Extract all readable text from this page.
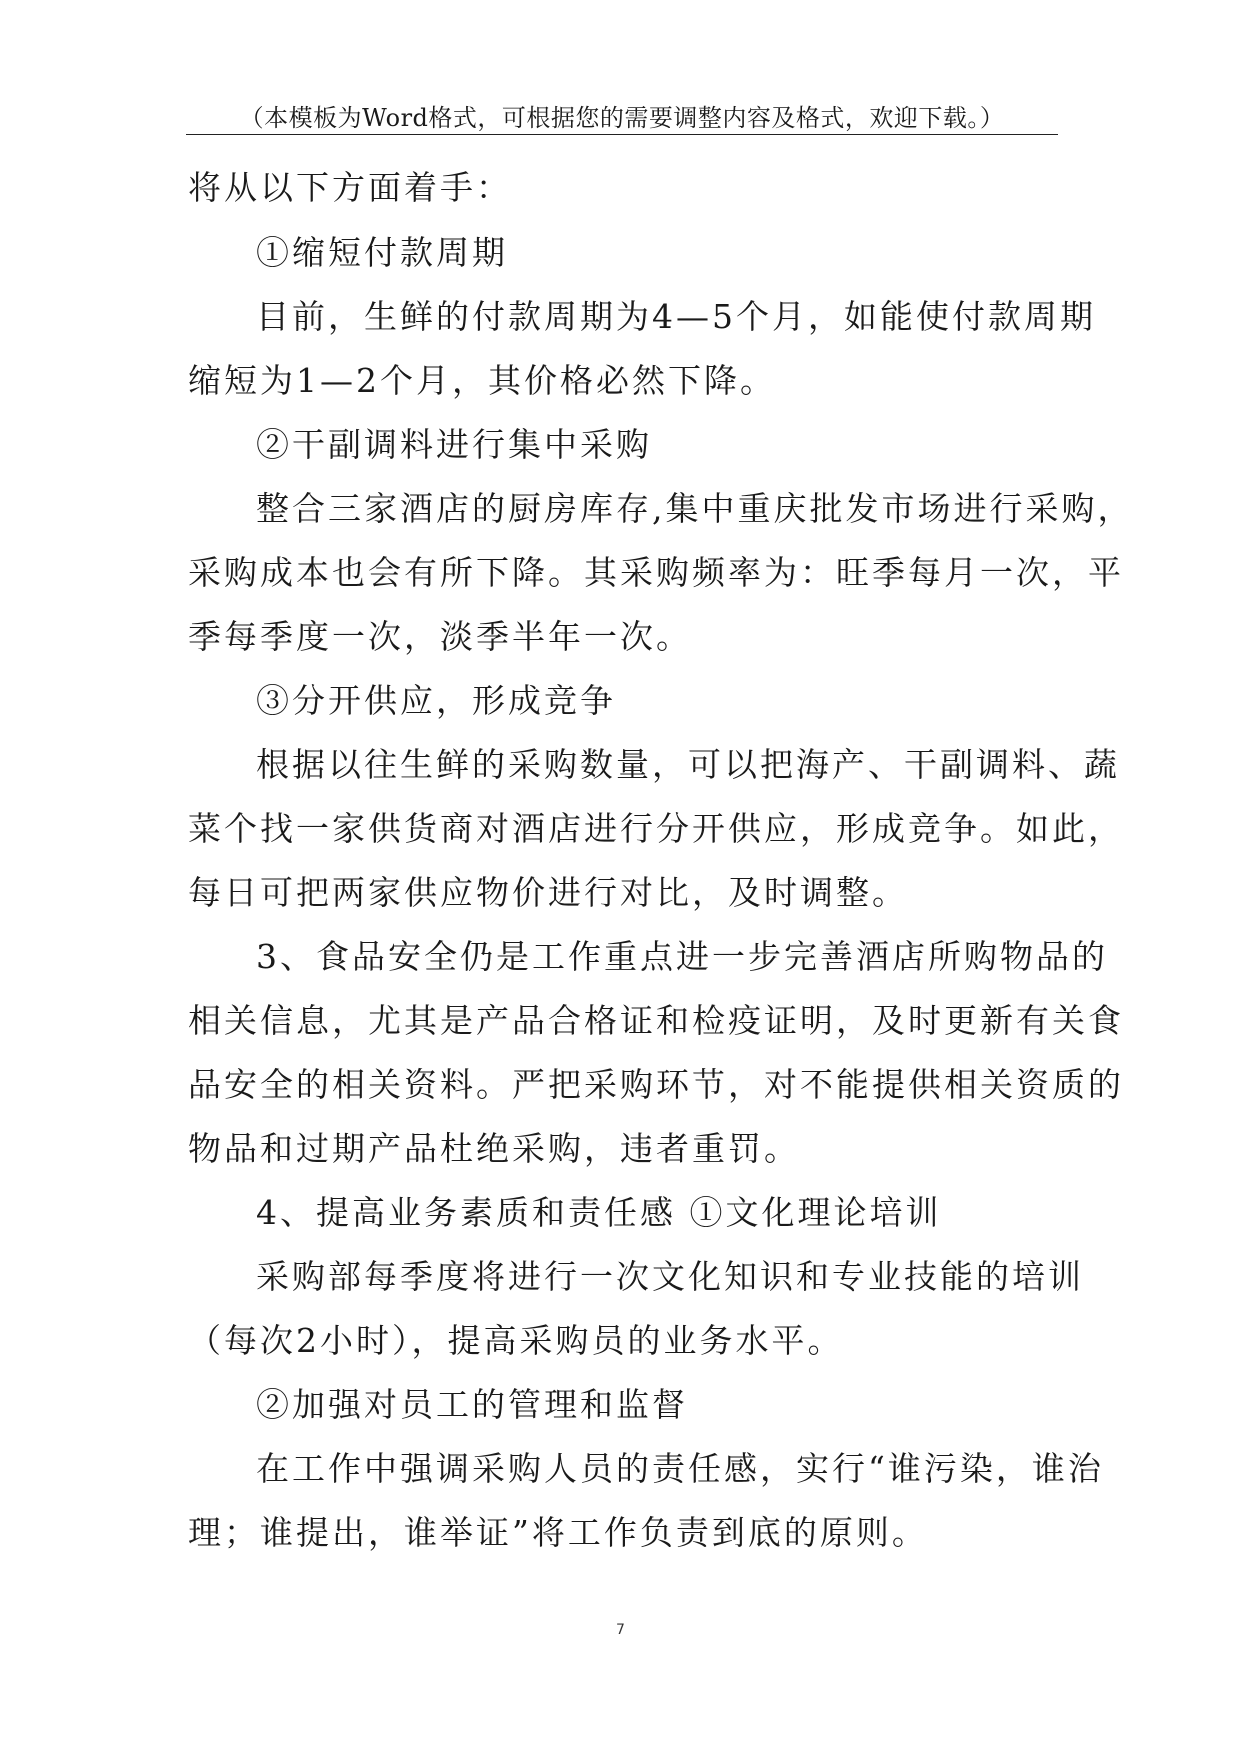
（本模板为Word格式，可根据您的需要调整内容及格式，欢迎下载。）
将从以下方面着手：
①缩短付款周期
目前，生鲜的付款周期为4—5个月，如能使付款周期
缩短为1—2个月，其价格必然下降。
②干副调料进行集中采购
整合三家酒店的厨房库存,集中重庆批发市场进行采购，
采购成本也会有所下降。其采购频率为：旺季每月一次，平
季每季度一次，淡季半年一次。
③分开供应，形成竞争
根据以往生鲜的采购数量，可以把海产、干副调料、蔬
菜个找一家供货商对酒店进行分开供应，形成竞争。如此，
每日可把两家供应物价进行对比，及时调整。
3、食品安全仍是工作重点进一步完善酒店所购物品的
相关信息，尤其是产品合格证和检疫证明，及时更新有关食
品安全的相关资料。严把采购环节，对不能提供相关资质的
物品和过期产品杜绝采购，违者重罚。
4、提高业务素质和责任感 ①文化理论培训
采购部每季度将进行一次文化知识和专业技能的培训
（每次2小时），提高采购员的业务水平。
②加强对员工的管理和监督
在工作中强调采购人员的责任感，实行“谁污染，谁治
理；谁提出，谁举证”将工作负责到底的原则。
7
